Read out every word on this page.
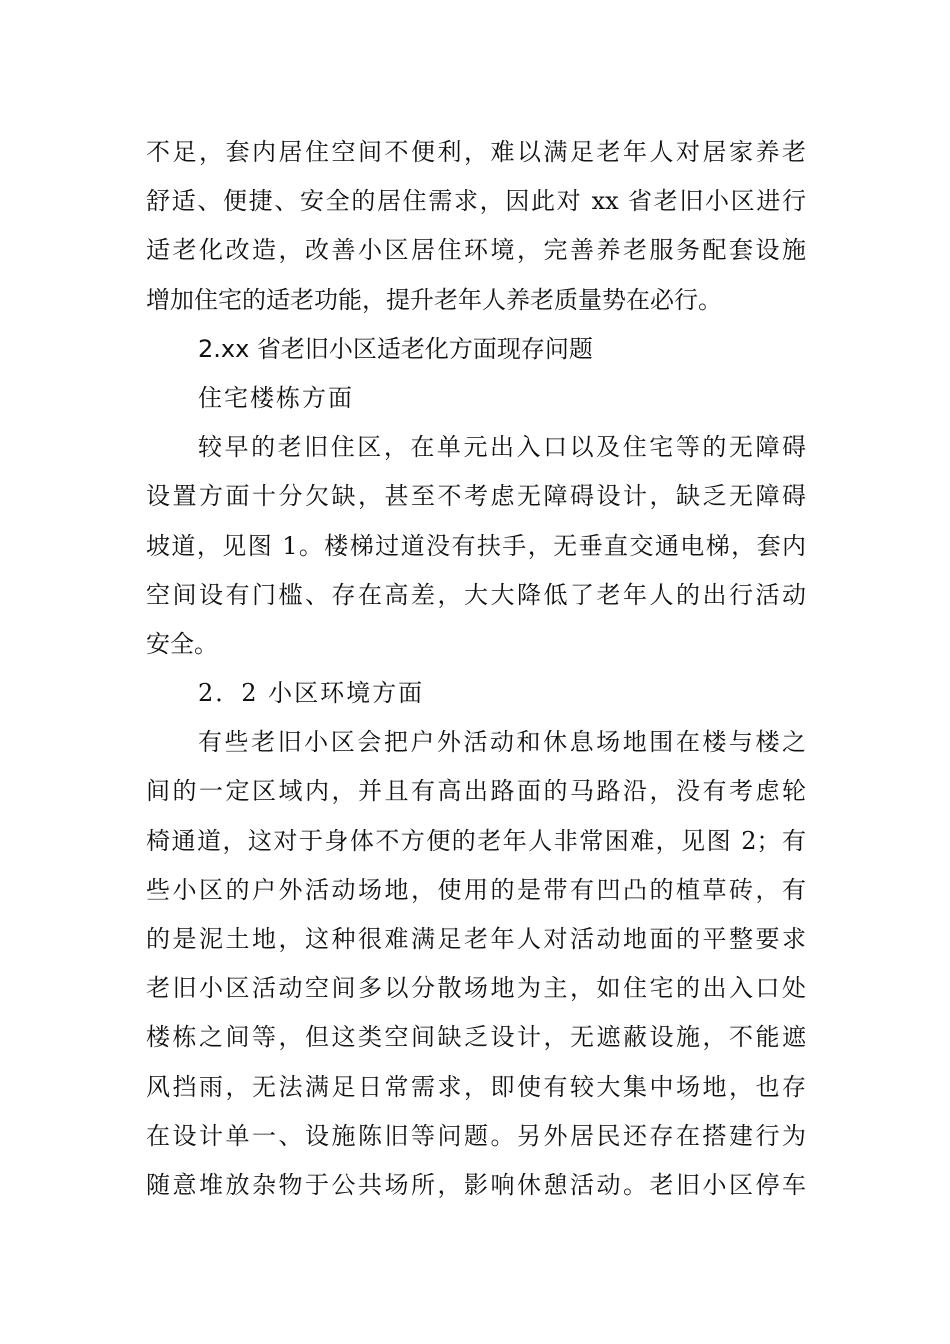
不足，套内居住空间不便利，难以满足老年人对居家养老
舒适、便捷、安全的居住需求，因此对 xx 省老旧小区进行
适老化改造，改善小区居住环境，完善养老服务配套设施
增加住宅的适老功能，提升老年人养老质量势在必行。
2.xx 省老旧小区适老化方面现存问题
住宅楼栋方面
较早的老旧住区，在单元出入口以及住宅等的无障碍
设置方面十分欠缺，甚至不考虑无障碍设计，缺乏无障碍
坡道，见图 1。楼梯过道没有扶手，无垂直交通电梯，套内
空间设有门槛、存在高差，大大降低了老年人的出行活动
安全。
2．2 小区环境方面
有些老旧小区会把户外活动和休息场地围在楼与楼之
间的一定区域内，并且有高出路面的马路沿，没有考虑轮
椅通道，这对于身体不方便的老年人非常困难，见图 2；有
些小区的户外活动场地，使用的是带有凹凸的植草砖，有
的是泥土地，这种很难满足老年人对活动地面的平整要求
老旧小区活动空间多以分散场地为主，如住宅的出入口处
楼栋之间等，但这类空间缺乏设计，无遮蔽设施，不能遮
风挡雨，无法满足日常需求，即使有较大集中场地，也存
在设计单一、设施陈旧等问题。另外居民还存在搭建行为
随意堆放杂物于公共场所，影响休憩活动。老旧小区停车
